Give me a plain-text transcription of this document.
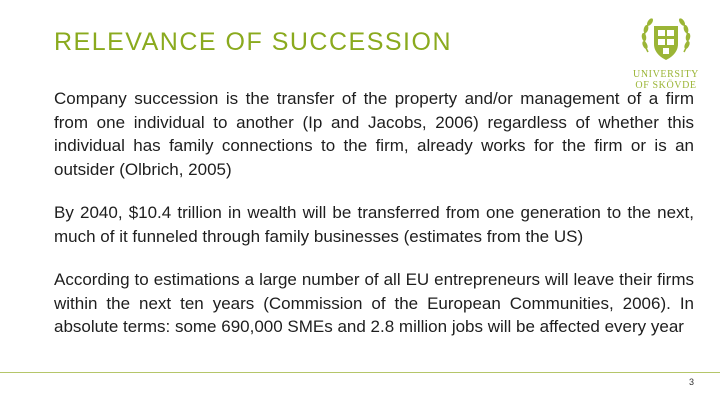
RELEVANCE OF SUCCESSION
UNIVERSITY
OF SKÖVDE

Company succession is the transfer of the property and/or management of a firm from one individual to another (Ip and Jacobs, 2006) regardless of whether this individual has family connections to the firm, already works for the firm or is an outsider (Olbrich, 2005)

By 2040, $10.4 trillion in wealth will be transferred from one generation to the next, much of it funneled through family businesses (estimates from the US)

According to estimations a large number of all EU entrepreneurs will leave their firms within the next ten years (Commission of the European Communities, 2006). In absolute terms: some 690,000 SMEs and 2.8 million jobs will be affected every year

3
